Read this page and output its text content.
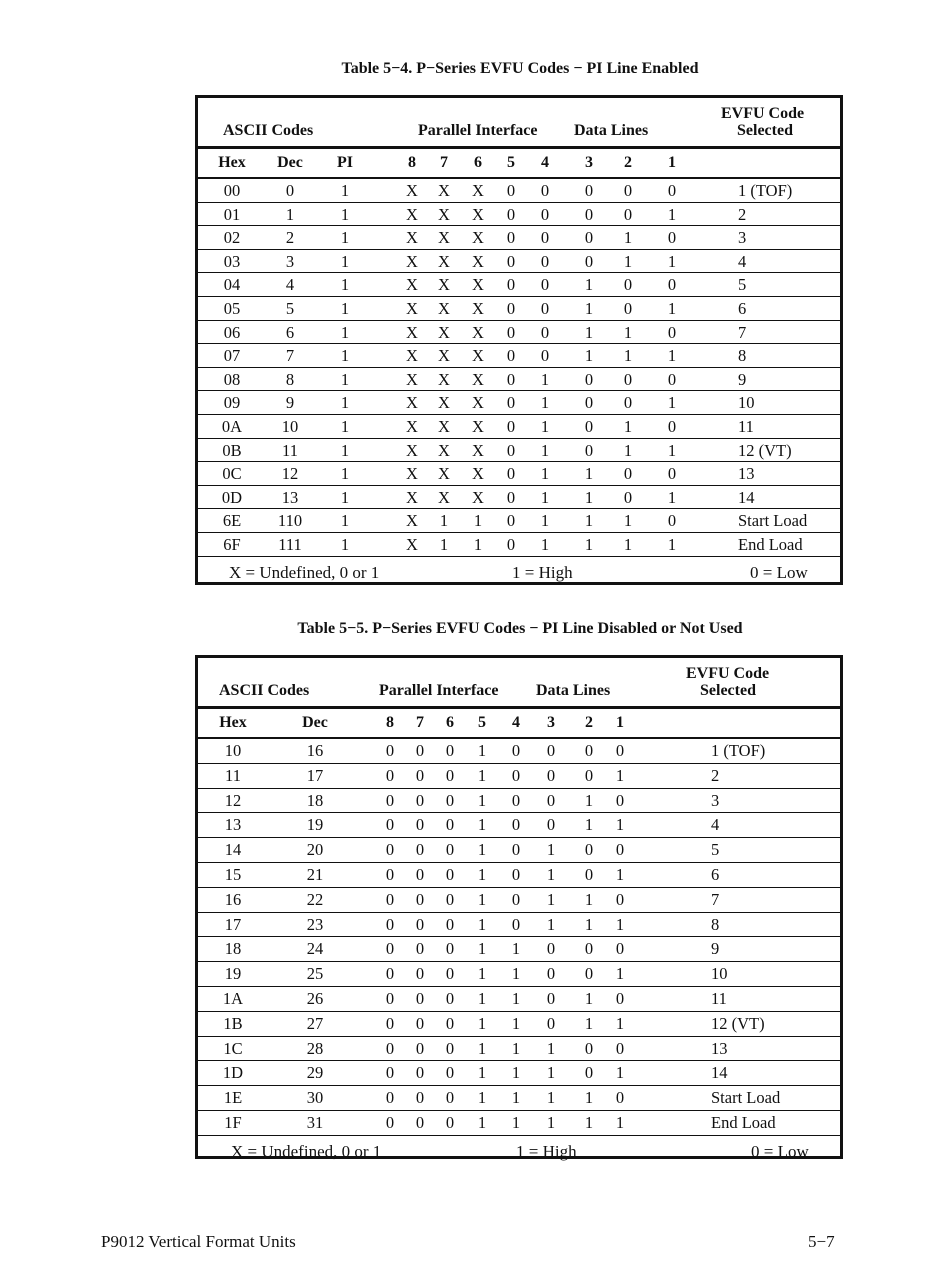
Table 5−4. P−Series EVFU Codes − PI Line Enabled
ASCII Codes	Parallel Interface Data Lines
EVFU Code
Selected
Hex Dec PI	8 7 6 5 4 3 2 1
00	0	1	X X X 0 0 0 0 0	1 (TOF)
01	1	1	X X X 0 0 0 0 1	2
02	2	1	X X X 0 0 0 1 0	3
03	3	1	X X X 0 0 0 1 1	4
04	4	1	X X X 0 0 1 0 0	5
05	5	1	X X X 0 0 1 0 1	6
06	6	1	X X X 0 0 1 1 0	7
07	7	1	X X X 0 0 1 1 1	8
08	8	1	X X X 0 1 0 0 0	9
09	9	1	X X X 0 1 0 0 1	10
0A 10	1	X X X 0 1 0 1 0	11
0B 11	1	X X X 0 1 0 1 1	12 (VT)
0C 12	1	X X X 0 1 1 0 0	13
0D 13	1	X X X 0 1 1 0 1	14
6E 110 1	X 1 1 0 1 1 1 0	Start Load
6F 111 1	X 1 1 0 1 1 1 1	End Load
X = Undefined, 0 or 1	1 = High	0 = Low
Table 5−5. P−Series EVFU Codes − PI Line Disabled or Not Used
ASCII Codes	Parallel Interface Data Lines
EVFU Code
Selected
Hex	Dec	8 7 6 5 4 3 2 1
10	16	0 0 0 1 0 0 0 0	1 (TOF)
11	17	0 0 0 1 0 0 0 1	2
12	18	0 0 0 1 0 0 1 0	3
13	19	0 0 0 1 0 0 1 1	4
14	20	0 0 0 1 0 1 0 0	5
15	21	0 0 0 1 0 1 0 1	6
16	22	0 0 0 1 0 1 1 0	7
17	23	0 0 0 1 0 1 1 1	8
18	24	0 0 0 1 1 0 0 0	9
19	25	0 0 0 1 1 0 0 1	10
1A	26	0 0 0 1 1 0 1 0	11
1B	27	0 0 0 1 1 0 1 1	12 (VT)
1C	28	0 0 0 1 1 1 0 0	13
1D	29	0 0 0 1 1 1 0 1	14
1E	30	0 0 0 1 1 1 1 0	Start Load
1F	31	0 0 0 1 1 1 1 1	End Load
X = Undefined, 0 or 1	1 = High	0 = Low
P9012 Vertical Format Units	5−7
